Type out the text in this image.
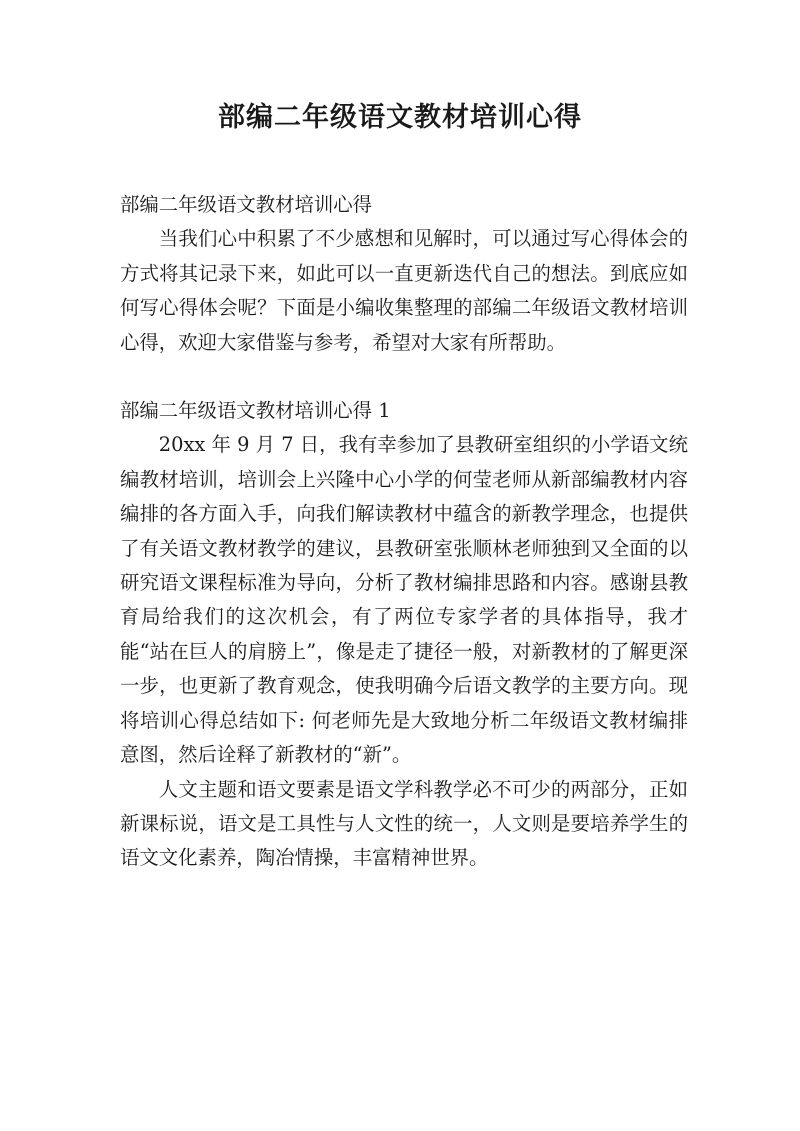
部编二年级语文教材培训心得

部编二年级语文教材培训心得

当我们心中积累了不少感想和见解时，可以通过写心得体会的方式将其记录下来，如此可以一直更新迭代自己的想法。到底应如何写心得体会呢？下面是小编收集整理的部编二年级语文教材培训心得，欢迎大家借鉴与参考，希望对大家有所帮助。

部编二年级语文教材培训心得 1

20xx 年 9 月 7 日，我有幸参加了县教研室组织的小学语文统编教材培训，培训会上兴隆中心小学的何莹老师从新部编教材内容编排的各方面入手，向我们解读教材中蕴含的新教学理念，也提供了有关语文教材教学的建议，县教研室张顺林老师独到又全面的以研究语文课程标准为导向，分析了教材编排思路和内容。感谢县教育局给我们的这次机会，有了两位专家学者的具体指导，我才能“站在巨人的肩膀上”，像是走了捷径一般，对新教材的了解更深一步，也更新了教育观念，使我明确今后语文教学的主要方向。现将培训心得总结如下: 何老师先是大致地分析二年级语文教材编排意图，然后诠释了新教材的“新”。

人文主题和语文要素是语文学科教学必不可少的两部分，正如新课标说，语文是工具性与人文性的统一，人文则是要培养学生的语文文化素养，陶冶情操，丰富精神世界。
